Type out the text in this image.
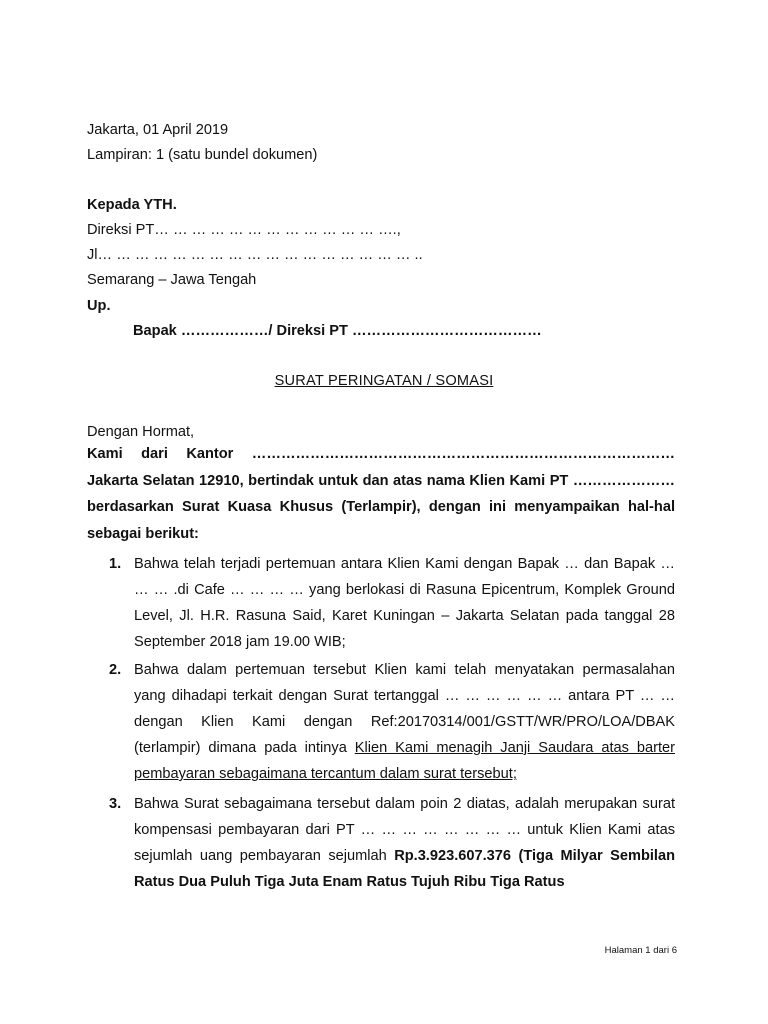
Jakarta, 01 April 2019
Lampiran: 1 (satu bundel dokumen)
Kepada YTH.
Direksi PT… … … … … … … … … … … … ….,
Jl… … … … … … … … … … … … … … … … … ..
Semarang – Jawa Tengah
Up.
Bapak ………………/ Direksi PT …………………………………
SURAT PERINGATAN / SOMASI
Dengan Hormat,
Kami dari Kantor …………………………………………………………………………… Jakarta Selatan 12910, bertindak untuk dan atas nama Klien Kami PT ………………… berdasarkan Surat Kuasa Khusus (Terlampir), dengan ini menyampaikan hal-hal sebagai berikut:
1. Bahwa telah terjadi pertemuan antara Klien Kami dengan Bapak … dan Bapak … … … .di Cafe … … … … yang berlokasi di Rasuna Epicentrum, Komplek Ground Level, Jl. H.R. Rasuna Said, Karet Kuningan – Jakarta Selatan pada tanggal 28 September 2018 jam 19.00 WIB;
2. Bahwa dalam pertemuan tersebut Klien kami telah menyatakan permasalahan yang dihadapi terkait dengan Surat tertanggal … … … … … … antara PT … … dengan Klien Kami dengan Ref:20170314/001/GSTT/WR/PRO/LOA/DBAK (terlampir) dimana pada intinya Klien Kami menagih Janji Saudara atas barter pembayaran sebagaimana tercantum dalam surat tersebut;
3. Bahwa Surat sebagaimana tersebut dalam poin 2 diatas, adalah merupakan surat kompensasi pembayaran dari PT … … … … … … … … untuk Klien Kami atas sejumlah uang pembayaran sejumlah Rp.3.923.607.376 (Tiga Milyar Sembilan Ratus Dua Puluh Tiga Juta Enam Ratus Tujuh Ribu Tiga Ratus
Halaman 1 dari 6
